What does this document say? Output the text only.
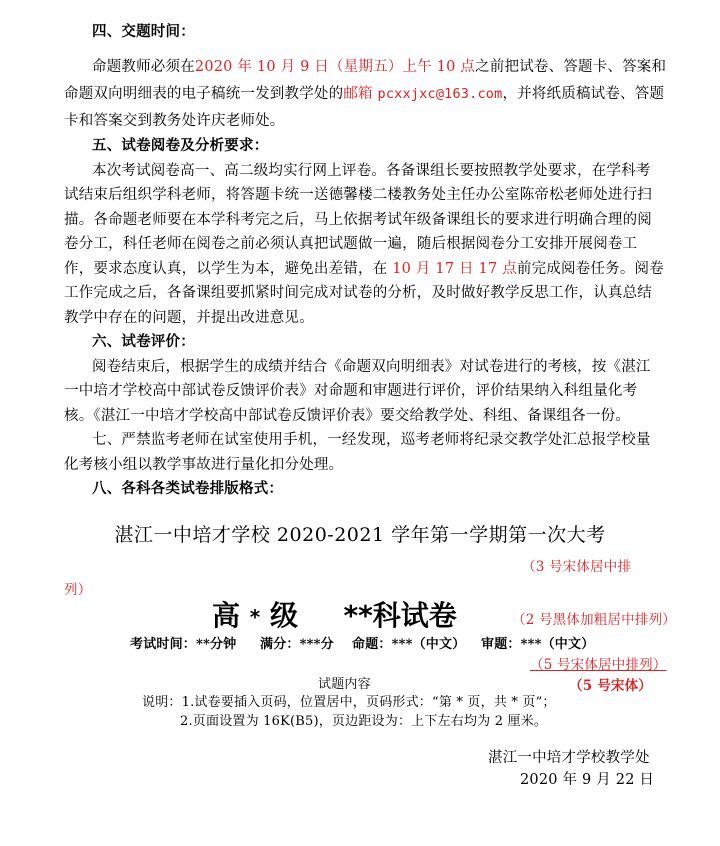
四、交题时间：
命题教师必须在2020 年 10 月 9 日（星期五）上午 10 点之前把试卷、答题卡、答案和
命题双向明细表的电子稿统一发到教学处的邮箱 pcxxjxc@163.com，并将纸质稿试卷、答题
卡和答案交到教务处许庆老师处。
五、试卷阅卷及分析要求：
本次考试阅卷高一、高二级均实行网上评卷。各备课组长要按照教学处要求，在学科考
试结束后组织学科老师，将答题卡统一送德馨楼二楼教务处主任办公室陈帝松老师处进行扫
描。各命题老师要在本学科考完之后，马上依据考试年级备课组长的要求进行明确合理的阅
卷分工，科任老师在阅卷之前必须认真把试题做一遍，随后根据阅卷分工安排开展阅卷工
作，要求态度认真，以学生为本，避免出差错，在 10 月 17 日 17 点前完成阅卷任务。阅卷
工作完成之后，各备课组要抓紧时间完成对试卷的分析，及时做好教学反思工作，认真总结
教学中存在的问题，并提出改进意见。
六、试卷评价：
阅卷结束后，根据学生的成绩并结合《命题双向明细表》对试卷进行的考核，按《湛江
一中培才学校高中部试卷反馈评价表》对命题和审题进行评价，评价结果纳入科组量化考
核。《湛江一中培才学校高中部试卷反馈评价表》要交给教学处、科组、备课组各一份。
七、严禁监考老师在试室使用手机，一经发现，巡考老师将纪录交教学处汇总报学校量
化考核小组以教学事故进行量化扣分处理。
八、各科各类试卷排版格式：
湛江一中培才学校 2020-2021 学年第一学期第一次大考
（3 号宋体居中排
列）
高 * 级 **科试卷	（2 号黑体加粗居中排列）
考试时间：**分钟 满分：***分 命题：***（中文） 审题：***（中文）
（5 号宋体居中排列）
试题内容	（5 号宋体）
说明：1.试卷要插入页码，位置居中，页码形式：“第 * 页，共 * 页”；
2.页面设置为 16K(B5)，页边距设为：上下左右均为 2 厘米。
湛江一中培才学校教学处
2020 年 9 月 22 日
